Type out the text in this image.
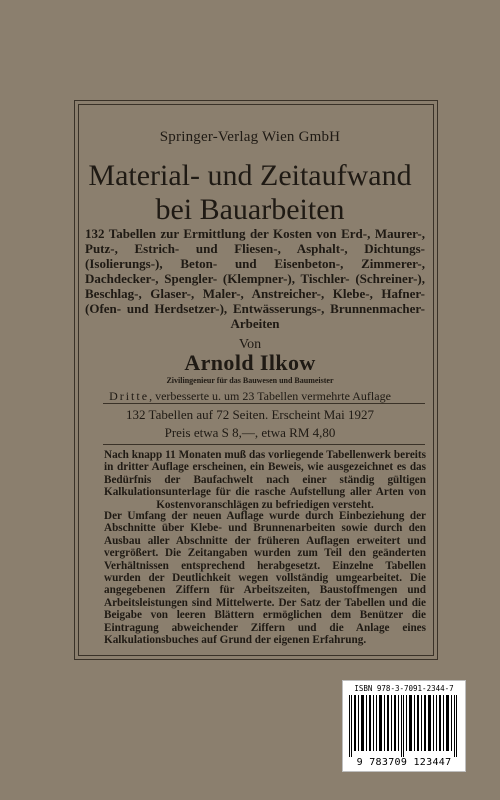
Springer-Verlag Wien GmbH
Material- und Zeitaufwand
bei Bauarbeiten
132 Tabellen zur Ermittlung der Kosten von Erd-, Maurer-, Putz-, Estrich- und Fliesen-, Asphalt-, Dichtungs- (Isolierungs-), Beton- und Eisenbeton-, Zimmerer-, Dachdecker-, Spengler- (Klempner-), Tischler- (Schreiner-), Beschlag-, Glaser-, Maler-, Anstreicher-, Klebe-, Hafner- (Ofen- und Herdsetzer-), Entwässerungs-, Brunnenmacher-Arbeiten
Von
Arnold Ilkow
Zivilingenieur für das Bauwesen und Baumeister
Dritte, verbesserte u. um 23 Tabellen vermehrte Auflage
132 Tabellen auf 72 Seiten. Erscheint Mai 1927
Preis etwa S 8,—, etwa RM 4,80
Nach knapp 11 Monaten muß das vorliegende Tabellenwerk bereits in dritter Auflage erscheinen, ein Beweis, wie ausgezeichnet es das Bedürfnis der Baufachwelt nach einer ständig gültigen Kalkulationsunterlage für die rasche Aufstellung aller Arten von Kostenvoranschlägen zu befriedigen versteht.
Der Umfang der neuen Auflage wurde durch Einbeziehung der Abschnitte über Klebe- und Brunnenarbeiten sowie durch den Ausbau aller Abschnitte der früheren Auflagen erweitert und vergrößert. Die Zeitangaben wurden zum Teil den geänderten Verhältnissen entsprechend herabgesetzt. Einzelne Tabellen wurden der Deutlichkeit wegen vollständig umgearbeitet. Die angegebenen Ziffern für Arbeitszeiten, Baustoffmengen und Arbeitsleistungen sind Mittelwerte. Der Satz der Tabellen und die Beigabe von leeren Blättern ermöglichen dem Benützer die Eintragung abweichender Ziffern und die Anlage eines Kalkulationsbuches auf Grund der eigenen Erfahrung.
ISBN 978-3-7091-2344-7
9 783709 123447
